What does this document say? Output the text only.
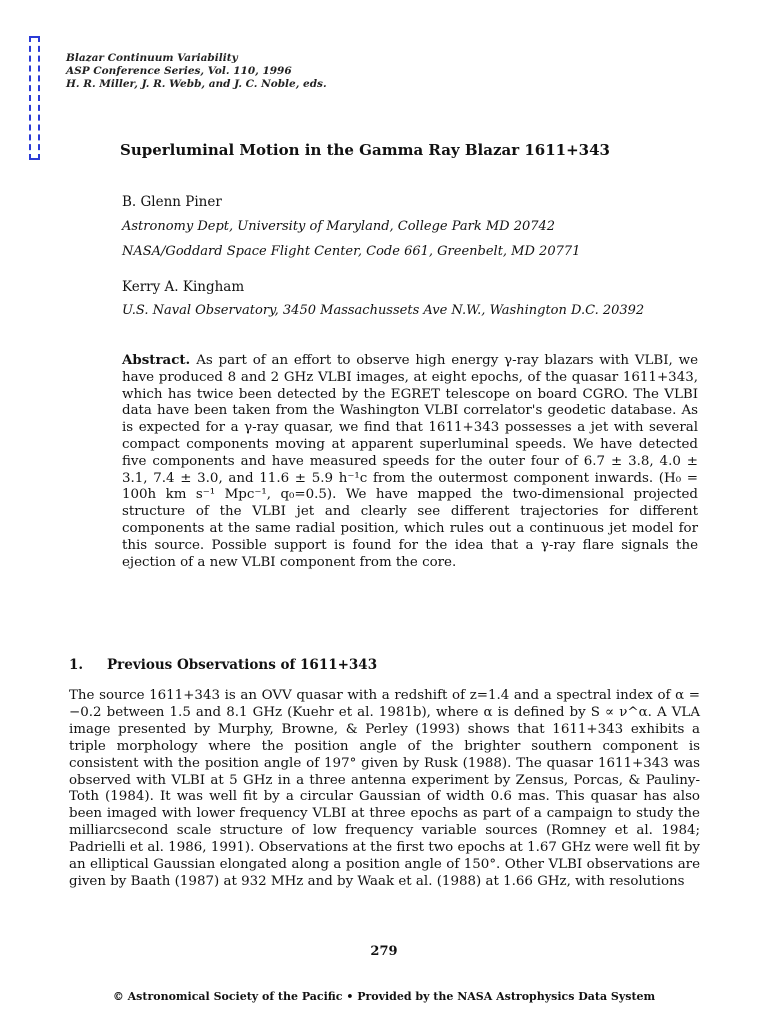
Blazar Continuum Variability
ASP Conference Series, Vol. 110, 1996
H. R. Miller, J. R. Webb, and J. C. Noble, eds.
Superluminal Motion in the Gamma Ray Blazar 1611+343
B. Glenn Piner
Astronomy Dept, University of Maryland, College Park MD 20742
NASA/Goddard Space Flight Center, Code 661, Greenbelt, MD 20771
Kerry A. Kingham
U.S. Naval Observatory, 3450 Massachussets Ave N.W., Washington D.C. 20392

Abstract. As part of an effort to observe high energy γ-ray blazars with VLBI, we have produced 8 and 2 GHz VLBI images, at eight epochs, of the quasar 1611+343, which has twice been detected by the EGRET telescope on board CGRO. The VLBI data have been taken from the Washington VLBI correlator's geodetic database. As is expected for a γ-ray quasar, we find that 1611+343 possesses a jet with several compact components moving at apparent superluminal speeds. We have detected five components and have measured speeds for the outer four of 6.7 ± 3.8, 4.0 ± 3.1, 7.4 ± 3.0, and 11.6 ± 5.9 h⁻¹c from the outermost component inwards. (H₀ = 100h km s⁻¹ Mpc⁻¹, q₀=0.5). We have mapped the two-dimensional projected structure of the VLBI jet and clearly see different trajectories for different components at the same radial position, which rules out a continuous jet model for this source. Possible support is found for the idea that a γ-ray flare signals the ejection of a new VLBI component from the core.

1. Previous Observations of 1611+343

The source 1611+343 is an OVV quasar with a redshift of z=1.4 and a spectral index of α = −0.2 between 1.5 and 8.1 GHz (Kuehr et al. 1981b), where α is defined by S ∝ ν^α. A VLA image presented by Murphy, Browne, & Perley (1993) shows that 1611+343 exhibits a triple morphology where the position angle of the brighter southern component is consistent with the position angle of 197° given by Rusk (1988). The quasar 1611+343 was observed with VLBI at 5 GHz in a three antenna experiment by Zensus, Porcas, & Pauliny-Toth (1984). It was well fit by a circular Gaussian of width 0.6 mas. This quasar has also been imaged with lower frequency VLBI at three epochs as part of a campaign to study the milliarcsecond scale structure of low frequency variable sources (Romney et al. 1984; Padrielli et al. 1986, 1991). Observations at the first two epochs at 1.67 GHz were well fit by an elliptical Gaussian elongated along a position angle of 150°. Other VLBI observations are given by Baath (1987) at 932 MHz and by Waak et al. (1988) at 1.66 GHz, with resolutions

279
© Astronomical Society of the Pacific • Provided by the NASA Astrophysics Data System
